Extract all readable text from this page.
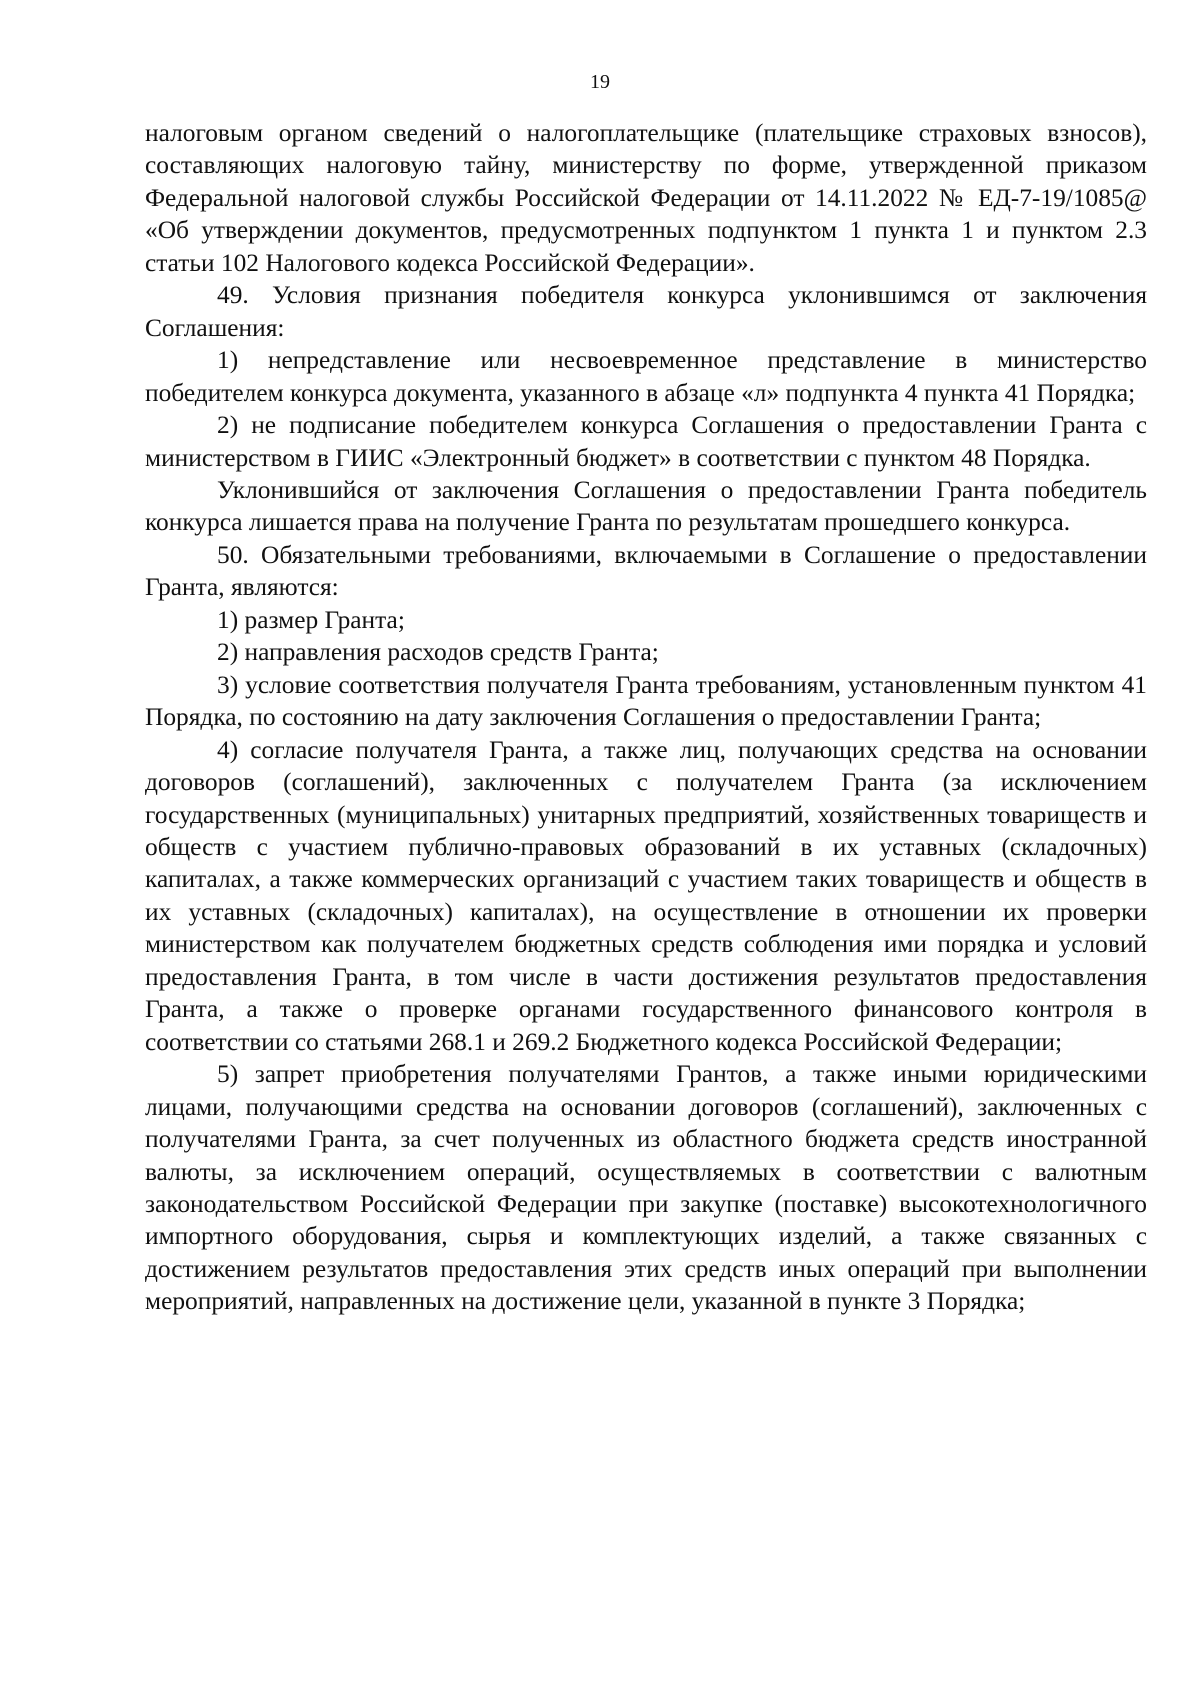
19

налоговым органом сведений о налогоплательщике (плательщике страховых взносов), составляющих налоговую тайну, министерству по форме, утвержденной приказом Федеральной налоговой службы Российской Федерации от 14.11.2022 № ЕД-7-19/1085@ «Об утверждении документов, предусмотренных подпунктом 1 пункта 1 и пунктом 2.3 статьи 102 Налогового кодекса Российской Федерации».

49. Условия признания победителя конкурса уклонившимся от заключения Соглашения:

1) непредставление или несвоевременное представление в министерство победителем конкурса документа, указанного в абзаце «л» подпункта 4 пункта 41 Порядка;

2) не подписание победителем конкурса Соглашения о предоставлении Гранта с министерством в ГИИС «Электронный бюджет» в соответствии с пунктом 48 Порядка.

Уклонившийся от заключения Соглашения о предоставлении Гранта победитель конкурса лишается права на получение Гранта по результатам прошедшего конкурса.

50. Обязательными требованиями, включаемыми в Соглашение о предоставлении Гранта, являются:

1) размер Гранта;

2) направления расходов средств Гранта;

3) условие соответствия получателя Гранта требованиям, установленным пунктом 41 Порядка, по состоянию на дату заключения Соглашения о предоставлении Гранта;

4) согласие получателя Гранта, а также лиц, получающих средства на основании договоров (соглашений), заключенных с получателем Гранта (за исключением государственных (муниципальных) унитарных предприятий, хозяйственных товариществ и обществ с участием публично-правовых образований в их уставных (складочных) капиталах, а также коммерческих организаций с участием таких товариществ и обществ в их уставных (складочных) капиталах), на осуществление в отношении их проверки министерством как получателем бюджетных средств соблюдения ими порядка и условий предоставления Гранта, в том числе в части достижения результатов предоставления Гранта, а также о проверке органами государственного финансового контроля в соответствии со статьями 268.1 и 269.2 Бюджетного кодекса Российской Федерации;

5) запрет приобретения получателями Грантов, а также иными юридическими лицами, получающими средства на основании договоров (соглашений), заключенных с получателями Гранта, за счет полученных из областного бюджета средств иностранной валюты, за исключением операций, осуществляемых в соответствии с валютным законодательством Российской Федерации при закупке (поставке) высокотехнологичного импортного оборудования, сырья и комплектующих изделий, а также связанных с достижением результатов предоставления этих средств иных операций при выполнении мероприятий, направленных на достижение цели, указанной в пункте 3 Порядка;
